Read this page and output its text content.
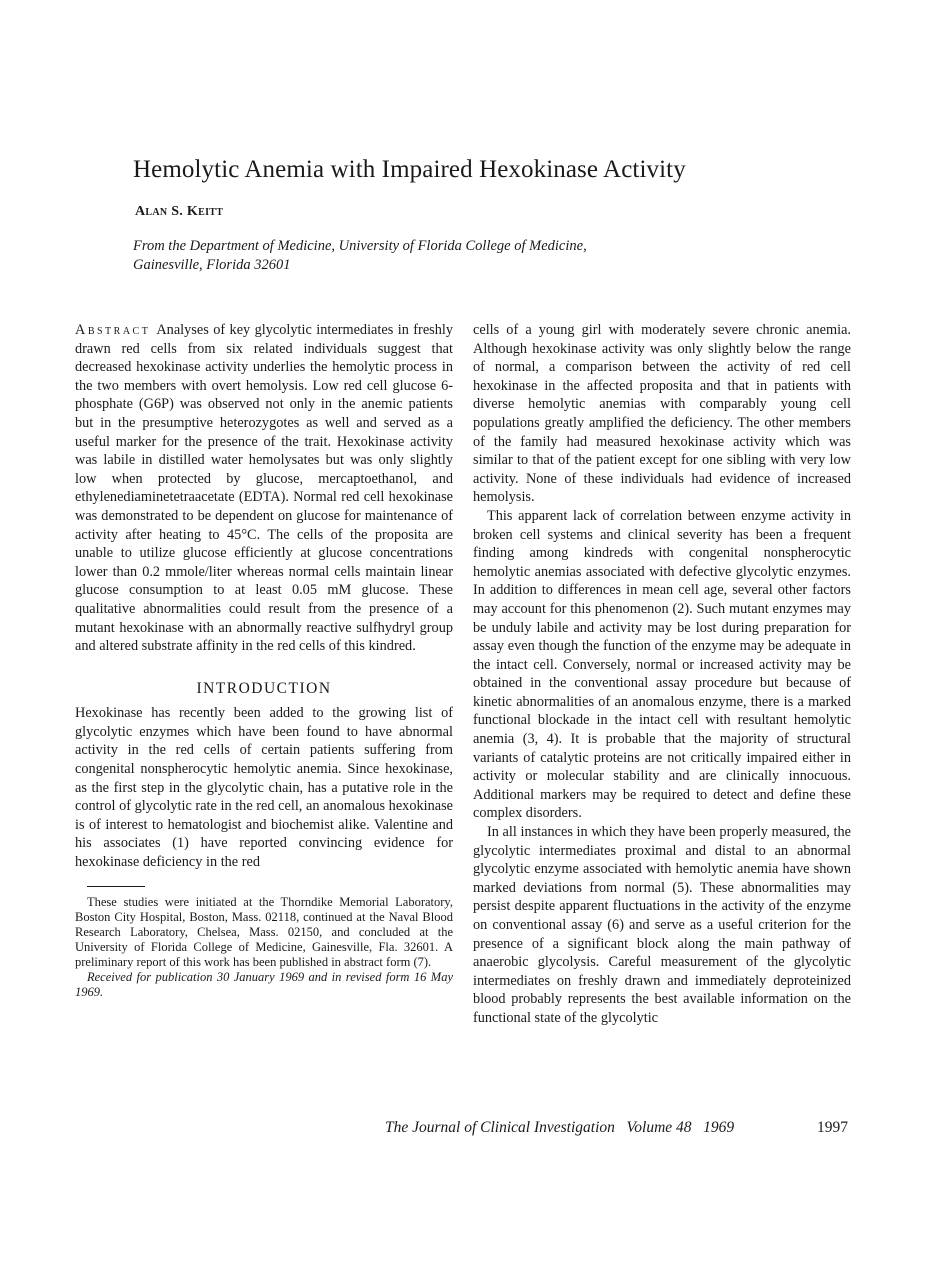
Hemolytic Anemia with Impaired Hexokinase Activity
Alan S. Keitt
From the Department of Medicine, University of Florida College of Medicine,
Gainesville, Florida 32601

Abstract Analyses of key glycolytic intermediates in freshly drawn red cells from six related individuals suggest that decreased hexokinase activity underlies the hemolytic process in the two members with overt hemolysis. Low red cell glucose 6-phosphate (G6P) was observed not only in the anemic patients but in the presumptive heterozygotes as well and served as a useful marker for the presence of the trait. Hexokinase activity was labile in distilled water hemolysates but was only slightly low when protected by glucose, mercaptoethanol, and ethylenediaminetetraacetate (EDTA). Normal red cell hexokinase was demonstrated to be dependent on glucose for maintenance of activity after heating to 45°C. The cells of the proposita are unable to utilize glucose efficiently at glucose concentrations lower than 0.2 mmole/liter whereas normal cells maintain linear glucose consumption to at least 0.05 mM glucose. These qualitative abnormalities could result from the presence of a mutant hexokinase with an abnormally reactive sulfhydryl group and altered substrate affinity in the red cells of this kindred.

INTRODUCTION

Hexokinase has recently been added to the growing list of glycolytic enzymes which have been found to have abnormal activity in the red cells of certain patients suffering from congenital nonspherocytic hemolytic anemia. Since hexokinase, as the first step in the glycolytic chain, has a putative role in the control of glycolytic rate in the red cell, an anomalous hexokinase is of interest to hematologist and biochemist alike. Valentine and his associates (1) have reported convincing evidence for hexokinase deficiency in the red

These studies were initiated at the Thorndike Memorial Laboratory, Boston City Hospital, Boston, Mass. 02118, continued at the Naval Blood Research Laboratory, Chelsea, Mass. 02150, and concluded at the University of Florida College of Medicine, Gainesville, Fla. 32601. A preliminary report of this work has been published in abstract form (7).

Received for publication 30 January 1969 and in revised form 16 May 1969.

cells of a young girl with moderately severe chronic anemia. Although hexokinase activity was only slightly below the range of normal, a comparison between the activity of red cell hexokinase in the affected proposita and that in patients with diverse hemolytic anemias with comparably young cell populations greatly amplified the deficiency. The other members of the family had measured hexokinase activity which was similar to that of the patient except for one sibling with very low activity. None of these individuals had evidence of increased hemolysis.

This apparent lack of correlation between enzyme activity in broken cell systems and clinical severity has been a frequent finding among kindreds with congenital nonspherocytic hemolytic anemias associated with defective glycolytic enzymes. In addition to differences in mean cell age, several other factors may account for this phenomenon (2). Such mutant enzymes may be unduly labile and activity may be lost during preparation for assay even though the function of the enzyme may be adequate in the intact cell. Conversely, normal or increased activity may be obtained in the conventional assay procedure but because of kinetic abnormalities of an anomalous enzyme, there is a marked functional blockade in the intact cell with resultant hemolytic anemia (3, 4). It is probable that the majority of structural variants of catalytic proteins are not critically impaired either in activity or molecular stability and are clinically innocuous. Additional markers may be required to detect and define these complex disorders.

In all instances in which they have been properly measured, the glycolytic intermediates proximal and distal to an abnormal glycolytic enzyme associated with hemolytic anemia have shown marked deviations from normal (5). These abnormalities may persist despite apparent fluctuations in the activity of the enzyme on conventional assay (6) and serve as a useful criterion for the presence of a significant block along the main pathway of anaerobic glycolysis. Careful measurement of the glycolytic intermediates on freshly drawn and immediately deproteinized blood probably represents the best available information on the functional state of the glycolytic

The Journal of Clinical Investigation Volume 48 1969	1997
